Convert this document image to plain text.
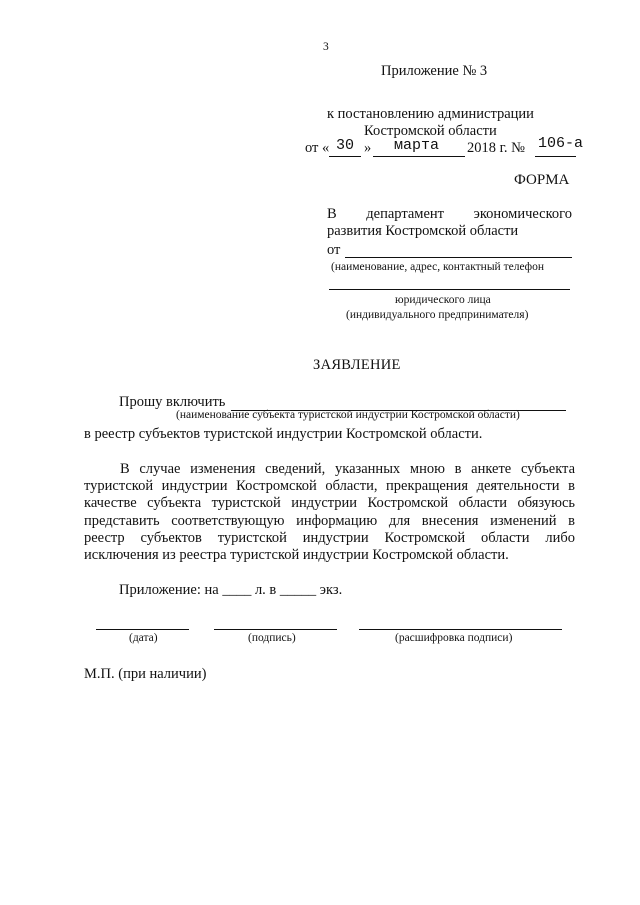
3
Приложение № 3
к постановлению администрации
Костромской области
от « 30 » марта 2018 г. № 106-а
ФОРМА
В департамент экономического
развития Костромской области
от
(наименование, адрес, контактный телефон
юридического лица
(индивидуального предпринимателя)
ЗАЯВЛЕНИЕ
Прошу включить
(наименование субъекта туристской индустрии Костромской области)
в реестр субъектов туристской индустрии Костромской области.
В случае изменения сведений, указанных мною в анкете субъекта
туристской индустрии Костромской области, прекращения деятельности в
качестве субъекта туристской индустрии Костромской области обязуюсь
представить соответствующую информацию для внесения изменений в
реестр субъектов туристской индустрии Костромской области либо
исключения из реестра туристской индустрии Костромской области.
Приложение: на ____ л. в _____ экз.
(дата)	(подпись)	(расшифровка подписи)
М.П. (при наличии)
